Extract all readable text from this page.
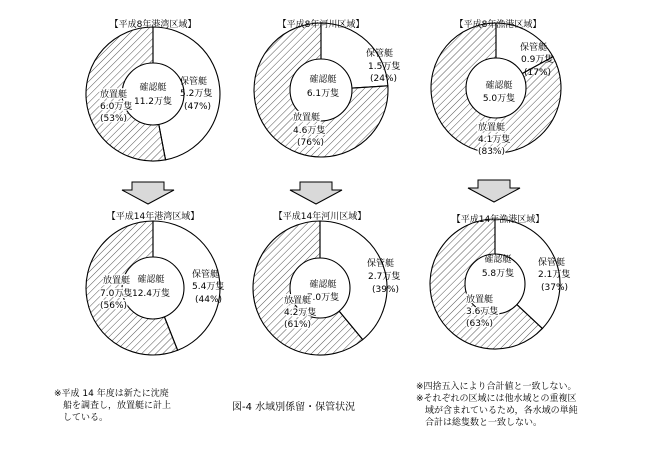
【平成8年港湾区域】
確認艇
11.2万隻
保管艇
5.2万隻
(47%)
放置艇
6.0万隻
(53%)
【平成8年河川区域】
確認艇
6.1万隻
保管艇
1.5万隻
(24%)
放置艇
4.6万隻
(76%)
【平成8年漁港区域】
確認艇
5.0万隻
保管艇
0.9万隻
(17%)
放置艇
4.1万隻
(83%)
【平成14年港湾区域】
確認艇
12.4万隻
保管艇
5.4万隻
(44%)
放置艇
7.0万隻
(56%)
【平成14年河川区域】
確認艇
7.0万隻
保管艇
2.7万隻
(39%)
放置艇
4.2万隻
(61%)
【平成14年漁港区域】
確認艇
5.8万隻
保管艇
2.1万隻
(37%)
放置艇
3.6万隻
(63%)
図-4 水域別係留・保管状況
※平成 14 年度は新たに沈廃
船を調査し，放置艇に計上
している。
※四捨五入により合計値と一致しない。
※それぞれの区域には他水域との重複区
域が含まれているため，各水域の単純
合計は総隻数と一致しない。
